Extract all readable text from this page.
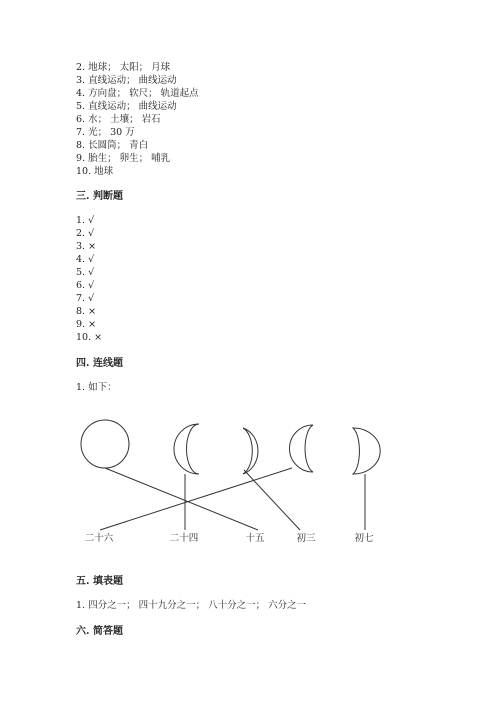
2. 地球； 太阳； 月球
3. 直线运动； 曲线运动
4. 方向盘； 软尺； 轨道起点
5. 直线运动； 曲线运动
6. 水； 土壤； 岩石
7. 光； 30 万
8. 长圆筒； 青白
9. 胎生； 卵生； 哺乳
10. 地球
三. 判断题
1. √
2. √
3. ×
4. √
5. √
6. √
7. √
8. ×
9. ×
10. ×
四. 连线题
1. 如下：
二十六	二十四	十五	初三	初七
五. 填表题
1. 四分之一； 四十九分之一； 八十分之一； 六分之一
六. 简答题
